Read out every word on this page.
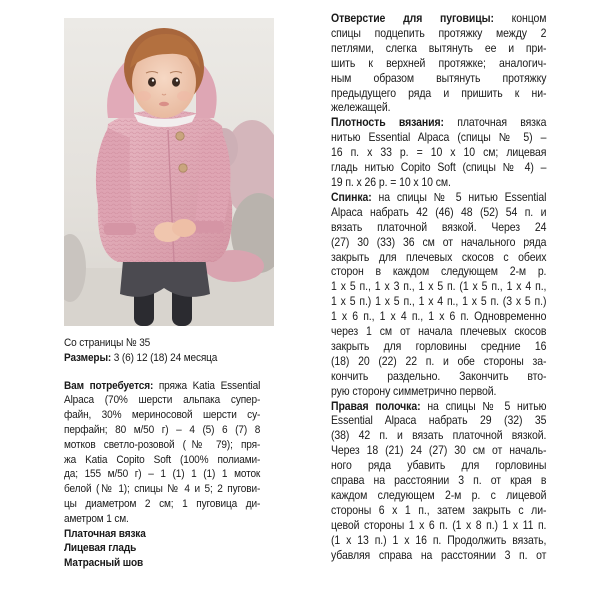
Со страницы № 35

Размеры: 3 (6) 12 (18) 24 месяца

Вам потребуется: пряжа Katia Essential
Alpaca (70% шерсти альпака супер-
файн, 30% мериносовой шерсти су-
перфайн; 80 м/50 г) – 4 (5) 6 (7) 8
мотков светло-розовой (№ 79); пря-
жа Katia Copito Soft (100% полиами-
да; 155 м/50 г) – 1 (1) 1 (1) 1 моток
белой (№ 1); спицы № 4 и 5; 2 пугови-
цы диаметром 2 см; 1 пуговица ди-
аметром 1 см.

Платочная вязка

Лицевая гладь

Матрасный шов

Отверстие для пуговицы: концом
спицы подцепить протяжку между 2
петлями, слегка вытянуть ее и при-
шить к верхней протяжке; аналогич-
ным образом вытянуть протяжку
предыдущего ряда и пришить к ни-
жележащей.

Плотность вязания: платочная вязка
нитью Essential Alpaca (спицы № 5) –
16 п. х 33 р. = 10 х 10 см; лицевая
гладь нитью Copito Soft (спицы № 4) –
19 п. х 26 р. = 10 х 10 см.

Спинка: на спицы № 5 нитью Essential
Alpaca набрать 42 (46) 48 (52) 54 п. и
вязать платочной вязкой. Через 24
(27) 30 (33) 36 см от начального ряда
закрыть для плечевых скосов с обеих
сторон в каждом следующем 2-м р.
1 х 5 п., 1 х 3 п., 1 х 5 п. (1 х 5 п., 1 х 4 п.,
1 х 5 п.) 1 х 5 п., 1 х 4 п., 1 х 5 п. (3 х 5 п.)
1 х 6 п., 1 х 4 п., 1 х 6 п. Одновременно
через 1 см от начала плечевых скосов
закрыть для горловины средние 16
(18) 20 (22) 22 п. и обе стороны за-
кончить раздельно. Закончить вто-
рую сторону симметрично первой.

Правая полочка: на спицы № 5 нитью
Essential Alpaca набрать 29 (32) 35
(38) 42 п. и вязать платочной вязкой.
Через 18 (21) 24 (27) 30 см от началь-
ного ряда убавить для горловины
справа на расстоянии 3 п. от края в
каждом следующем 2-м р. с лицевой
стороны 6 х 1 п., затем закрыть с ли-
цевой стороны 1 х 6 п. (1 х 8 п.) 1 х 11 п.
(1 х 13 п.) 1 х 16 п. Продолжить вязать,
убавляя справа на расстоянии 3 п. от
